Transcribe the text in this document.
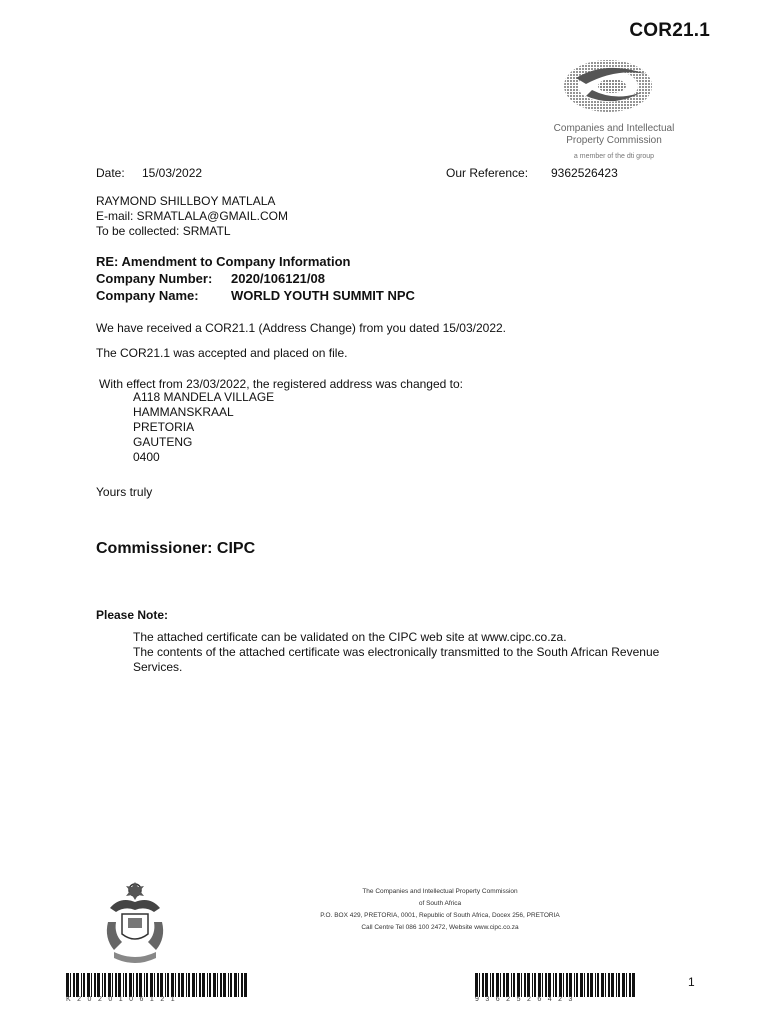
COR21.1
Companies and Intellectual
Property Commission
a member of the dti group
Date: 15/03/2022	Our Reference: 9362526423
RAYMOND SHILLBOY MATLALA
E-mail: SRMATLALA@GMAIL.COM
To be collected: SRMATL
RE: Amendment to Company Information
Company Number:	2020/106121/08
Company Name:	WORLD YOUTH SUMMIT NPC
We have received a COR21.1 (Address Change) from you dated 15/03/2022.
The COR21.1 was accepted and placed on file.
With effect from 23/03/2022, the registered address was changed to:
A118 MANDELA VILLAGE
HAMMANSKRAAL
PRETORIA
GAUTENG
0400
Yours truly
Commissioner: CIPC
Please Note:
The attached certificate can be validated on the CIPC web site at www.cipc.co.za.
The contents of the attached certificate was electronically transmitted to the South African Revenue
Services.
The Companies and Intellectual Property Commission
of South Africa
P.O. BOX 429, PRETORIA, 0001, Republic of South Africa, Docex 256, PRETORIA
Call Centre Tel 086 100 2472, Website www.cipc.co.za
K2020106121	9362526423
1
